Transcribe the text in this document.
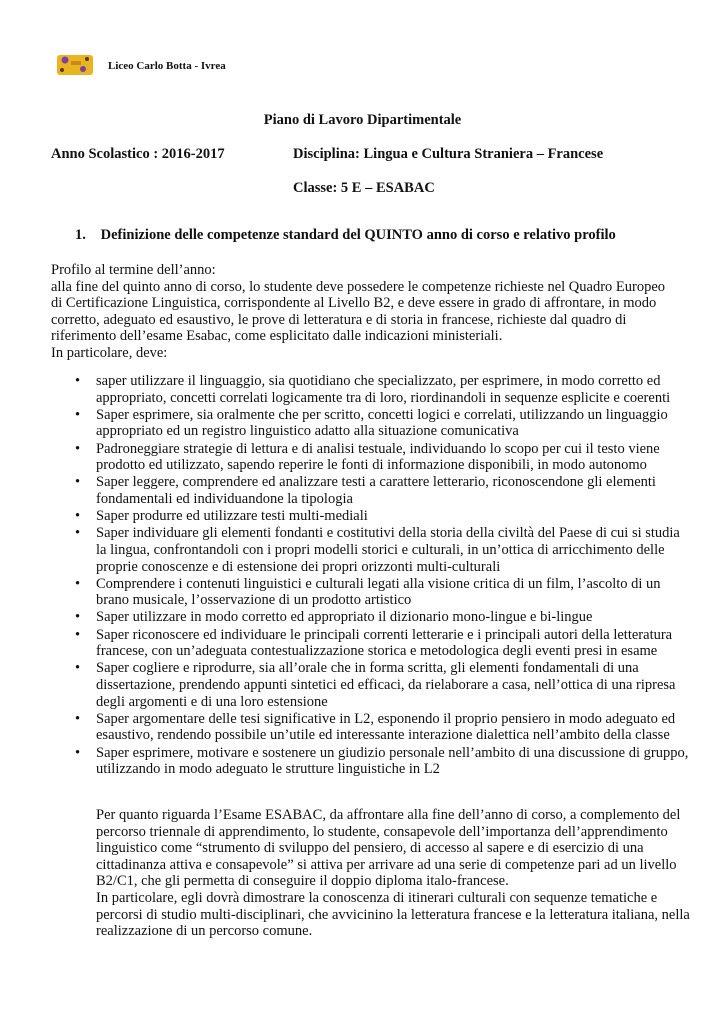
Liceo Carlo Botta - Ivrea
Piano di Lavoro Dipartimentale
Anno Scolastico : 2016-2017	Disciplina: Lingua e Cultura Straniera – Francese
Classe: 5 E – ESABAC
1. Definizione delle competenze standard del QUINTO anno di corso e relativo profilo

Profilo al termine dell’anno:

alla fine del quinto anno di corso, lo studente deve possedere le competenze richieste nel Quadro Europeo di Certificazione Linguistica, corrispondente al Livello B2, e deve essere in grado di affrontare, in modo corretto, adeguato ed esaustivo, le prove di letteratura e di storia in francese, richieste dal quadro di riferimento dell’esame Esabac, come esplicitato dalle indicazioni ministeriali.

In particolare, deve:

• saper utilizzare il linguaggio, sia quotidiano che specializzato, per esprimere, in modo corretto ed appropriato, concetti correlati logicamente tra di loro, riordinandoli in sequenze esplicite e coerenti
• Saper esprimere, sia oralmente che per scritto, concetti logici e correlati, utilizzando un linguaggio appropriato ed un registro linguistico adatto alla situazione comunicativa
• Padroneggiare strategie di lettura e di analisi testuale, individuando lo scopo per cui il testo viene prodotto ed utilizzato, sapendo reperire le fonti di informazione disponibili, in modo autonomo
• Saper leggere, comprendere ed analizzare testi a carattere letterario, riconoscendone gli elementi fondamentali ed individuandone la tipologia
• Saper produrre ed utilizzare testi multi-mediali
• Saper individuare gli elementi fondanti e costitutivi della storia della civiltà del Paese di cui si studia la lingua, confrontandoli con i propri modelli storici e culturali, in un’ottica di arricchimento delle proprie conoscenze e di estensione dei propri orizzonti multi-culturali
• Comprendere i contenuti linguistici e culturali legati alla visione critica di un film, l’ascolto di un brano musicale, l’osservazione di un prodotto artistico
• Saper utilizzare in modo corretto ed appropriato il dizionario mono-lingue e bi-lingue
• Saper riconoscere ed individuare le principali correnti letterarie e i principali autori della letteratura francese, con un’adeguata contestualizzazione storica e metodologica degli eventi presi in esame
• Saper cogliere e riprodurre, sia all’orale che in forma scritta, gli elementi fondamentali di una dissertazione, prendendo appunti sintetici ed efficaci, da rielaborare a casa, nell’ottica di una ripresa degli argomenti e di una loro estensione
• Saper argomentare delle tesi significative in L2, esponendo il proprio pensiero in modo adeguato ed esaustivo, rendendo possibile un’utile ed interessante interazione dialettica nell’ambito della classe
• Saper esprimere, motivare e sostenere un giudizio personale nell’ambito di una discussione di gruppo, utilizzando in modo adeguato le strutture linguistiche in L2

Per quanto riguarda l’Esame ESABAC, da affrontare alla fine dell’anno di corso, a complemento del percorso triennale di apprendimento, lo studente, consapevole dell’importanza dell’apprendimento linguistico come “strumento di sviluppo del pensiero, di accesso al sapere e di esercizio di una cittadinanza attiva e consapevole” si attiva per arrivare ad una serie di competenze pari ad un livello B2/C1, che gli permetta di conseguire il doppio diploma italo-francese.

In particolare, egli dovrà dimostrare la conoscenza di itinerari culturali con sequenze tematiche e percorsi di studio multi-disciplinari, che avvicinino la letteratura francese e la letteratura italiana, nella realizzazione di un percorso comune.
